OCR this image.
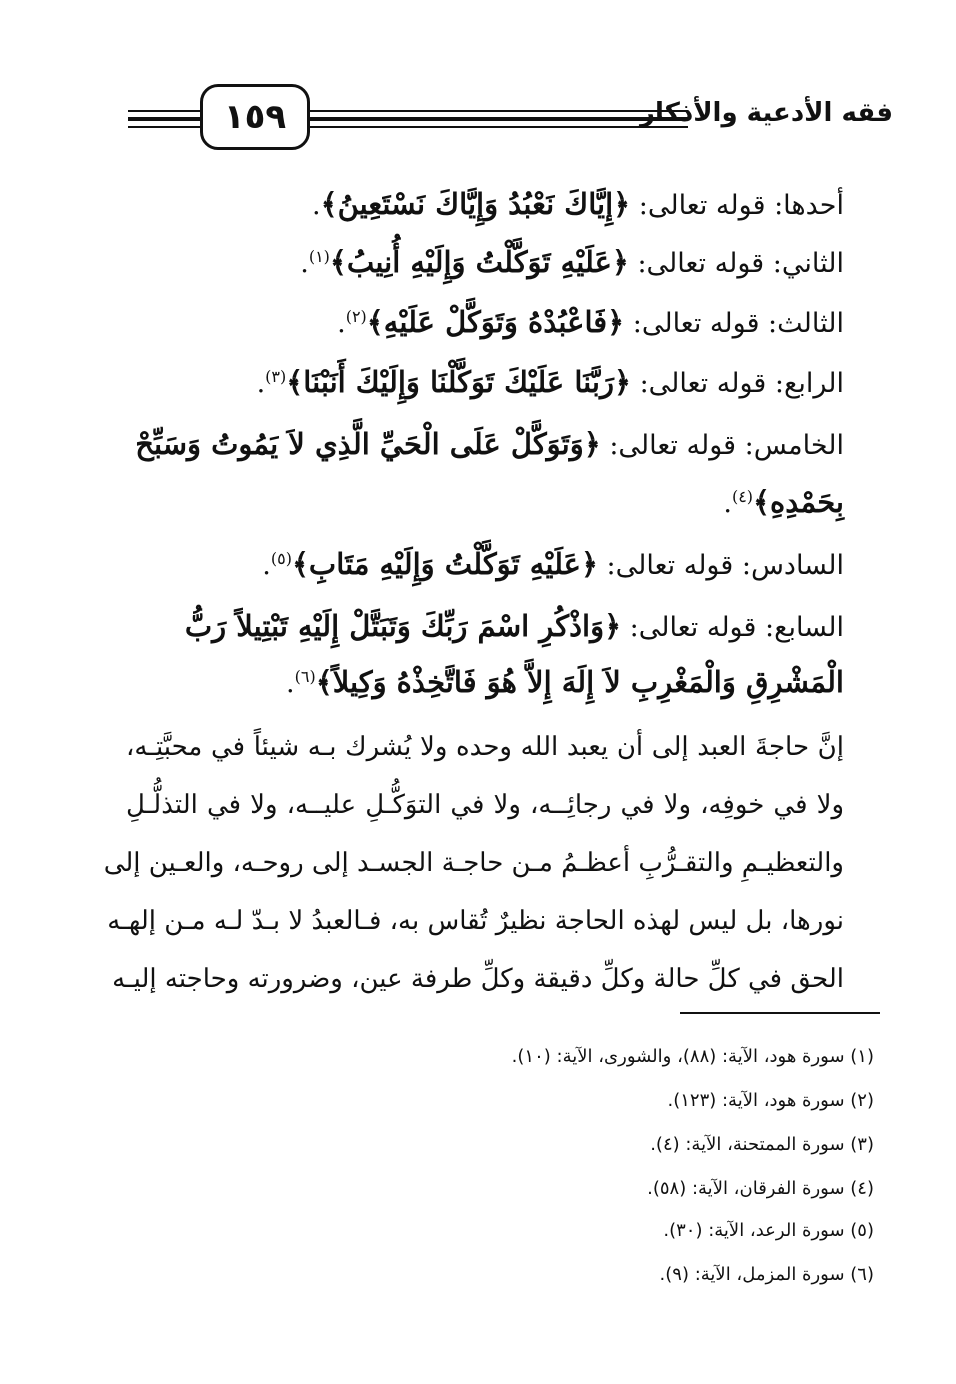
١٥٩	فقه الأدعية والأذكار
أحدها: قوله تعالى: ﴿إِيَّاكَ نَعْبُدُ وَإِيَّاكَ نَسْتَعِينُ﴾.
الثاني: قوله تعالى: ﴿عَلَيْهِ تَوَكَّلْتُ وَإِلَيْهِ أُنِيبُ﴾$^{(١)}$.
الثالث: قوله تعالى: ﴿فَاعْبُدْهُ وَتَوَكَّلْ عَلَيْهِ﴾$^{(٢)}$.
الرابع: قوله تعالى: ﴿رَبَّنَا عَلَيْكَ تَوَكَّلْنَا وَإِلَيْكَ أَنَبْنَا﴾$^{(٣)}$.
الخامس: قوله تعالى: ﴿وَتَوَكَّلْ عَلَى الْحَيِّ الَّذِي لاَ يَمُوتُ وَسَبِّحْ
بِحَمْدِهِ﴾$^{(٤)}$.
السادس: قوله تعالى: ﴿عَلَيْهِ تَوَكَّلْتُ وَإِلَيْهِ مَتَابِ﴾$^{(٥)}$.
السابع: قوله تعالى: ﴿وَاذْكُرِ اسْمَ رَبِّكَ وَتَبَتَّلْ إِلَيْهِ تَبْتِيلاً رَبُّ
الْمَشْرِقِ وَالْمَغْرِبِ لاَ إِلَهَ إِلاَّ هُوَ فَاتَّخِذْهُ وَكِيلاً﴾$^{(٦)}$.
إنَّ حاجةَ العبد إلى أن يعبد الله وحده ولا يُشرك بـه شيئاً في محبَّتِـه،
ولا في خوفِه، ولا في رجائِــه، ولا في التوَكُّـلِ عليــه، ولا في التذلُّـلِ
والتعظيـمِ والتقـرُّبِ أعظـمُ مـن حاجـة الجسـد إلى روحـه، والعـين إلى
نورها، بل ليس لهذه الحاجة نظيرٌ تُقاس به، فـالعبدُ لا بـدّ لـه مـن إلهـه
الحق في كلِّ حالة وكلِّ دقيقة وكلِّ طرفة عين، وضرورته وحاجته إليـه
(١) سورة هود، الآية: (٨٨)، والشورى، الآية: (١٠).
(٢) سورة هود، الآية: (١٢٣).
(٣) سورة الممتحنة، الآية: (٤).
(٤) سورة الفرقان، الآية: (٥٨).
(٥) سورة الرعد، الآية: (٣٠).
(٦) سورة المزمل، الآية: (٩).
